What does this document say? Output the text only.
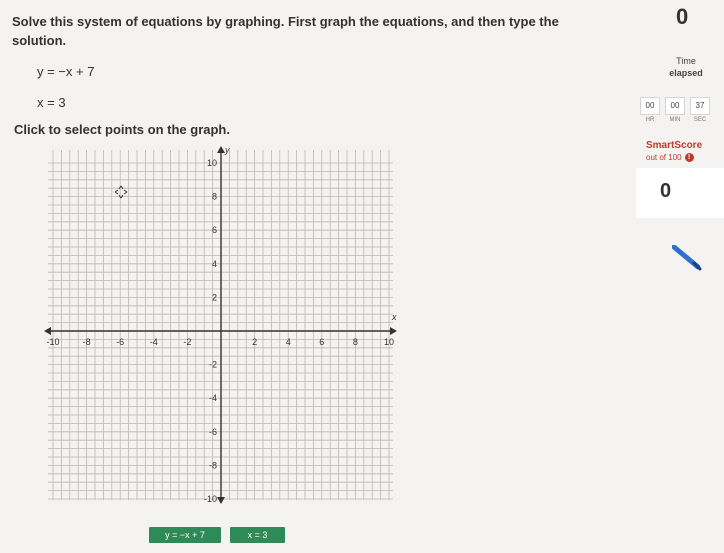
Solve this system of equations by graphing. First graph the equations, and then type the solution.
y = −x + 7
x = 3
Click to select points on the graph.
0
Time
elapsed
00	00	37
HR	MIN	SEC
SmartScore
out of 100 !
0
-10	-8	-6	-4	-2	2	4	6	8	10
10
8
6
4
2
-2
-4
-6
-8
-10
x
y
y = −x + 7	x = 3
